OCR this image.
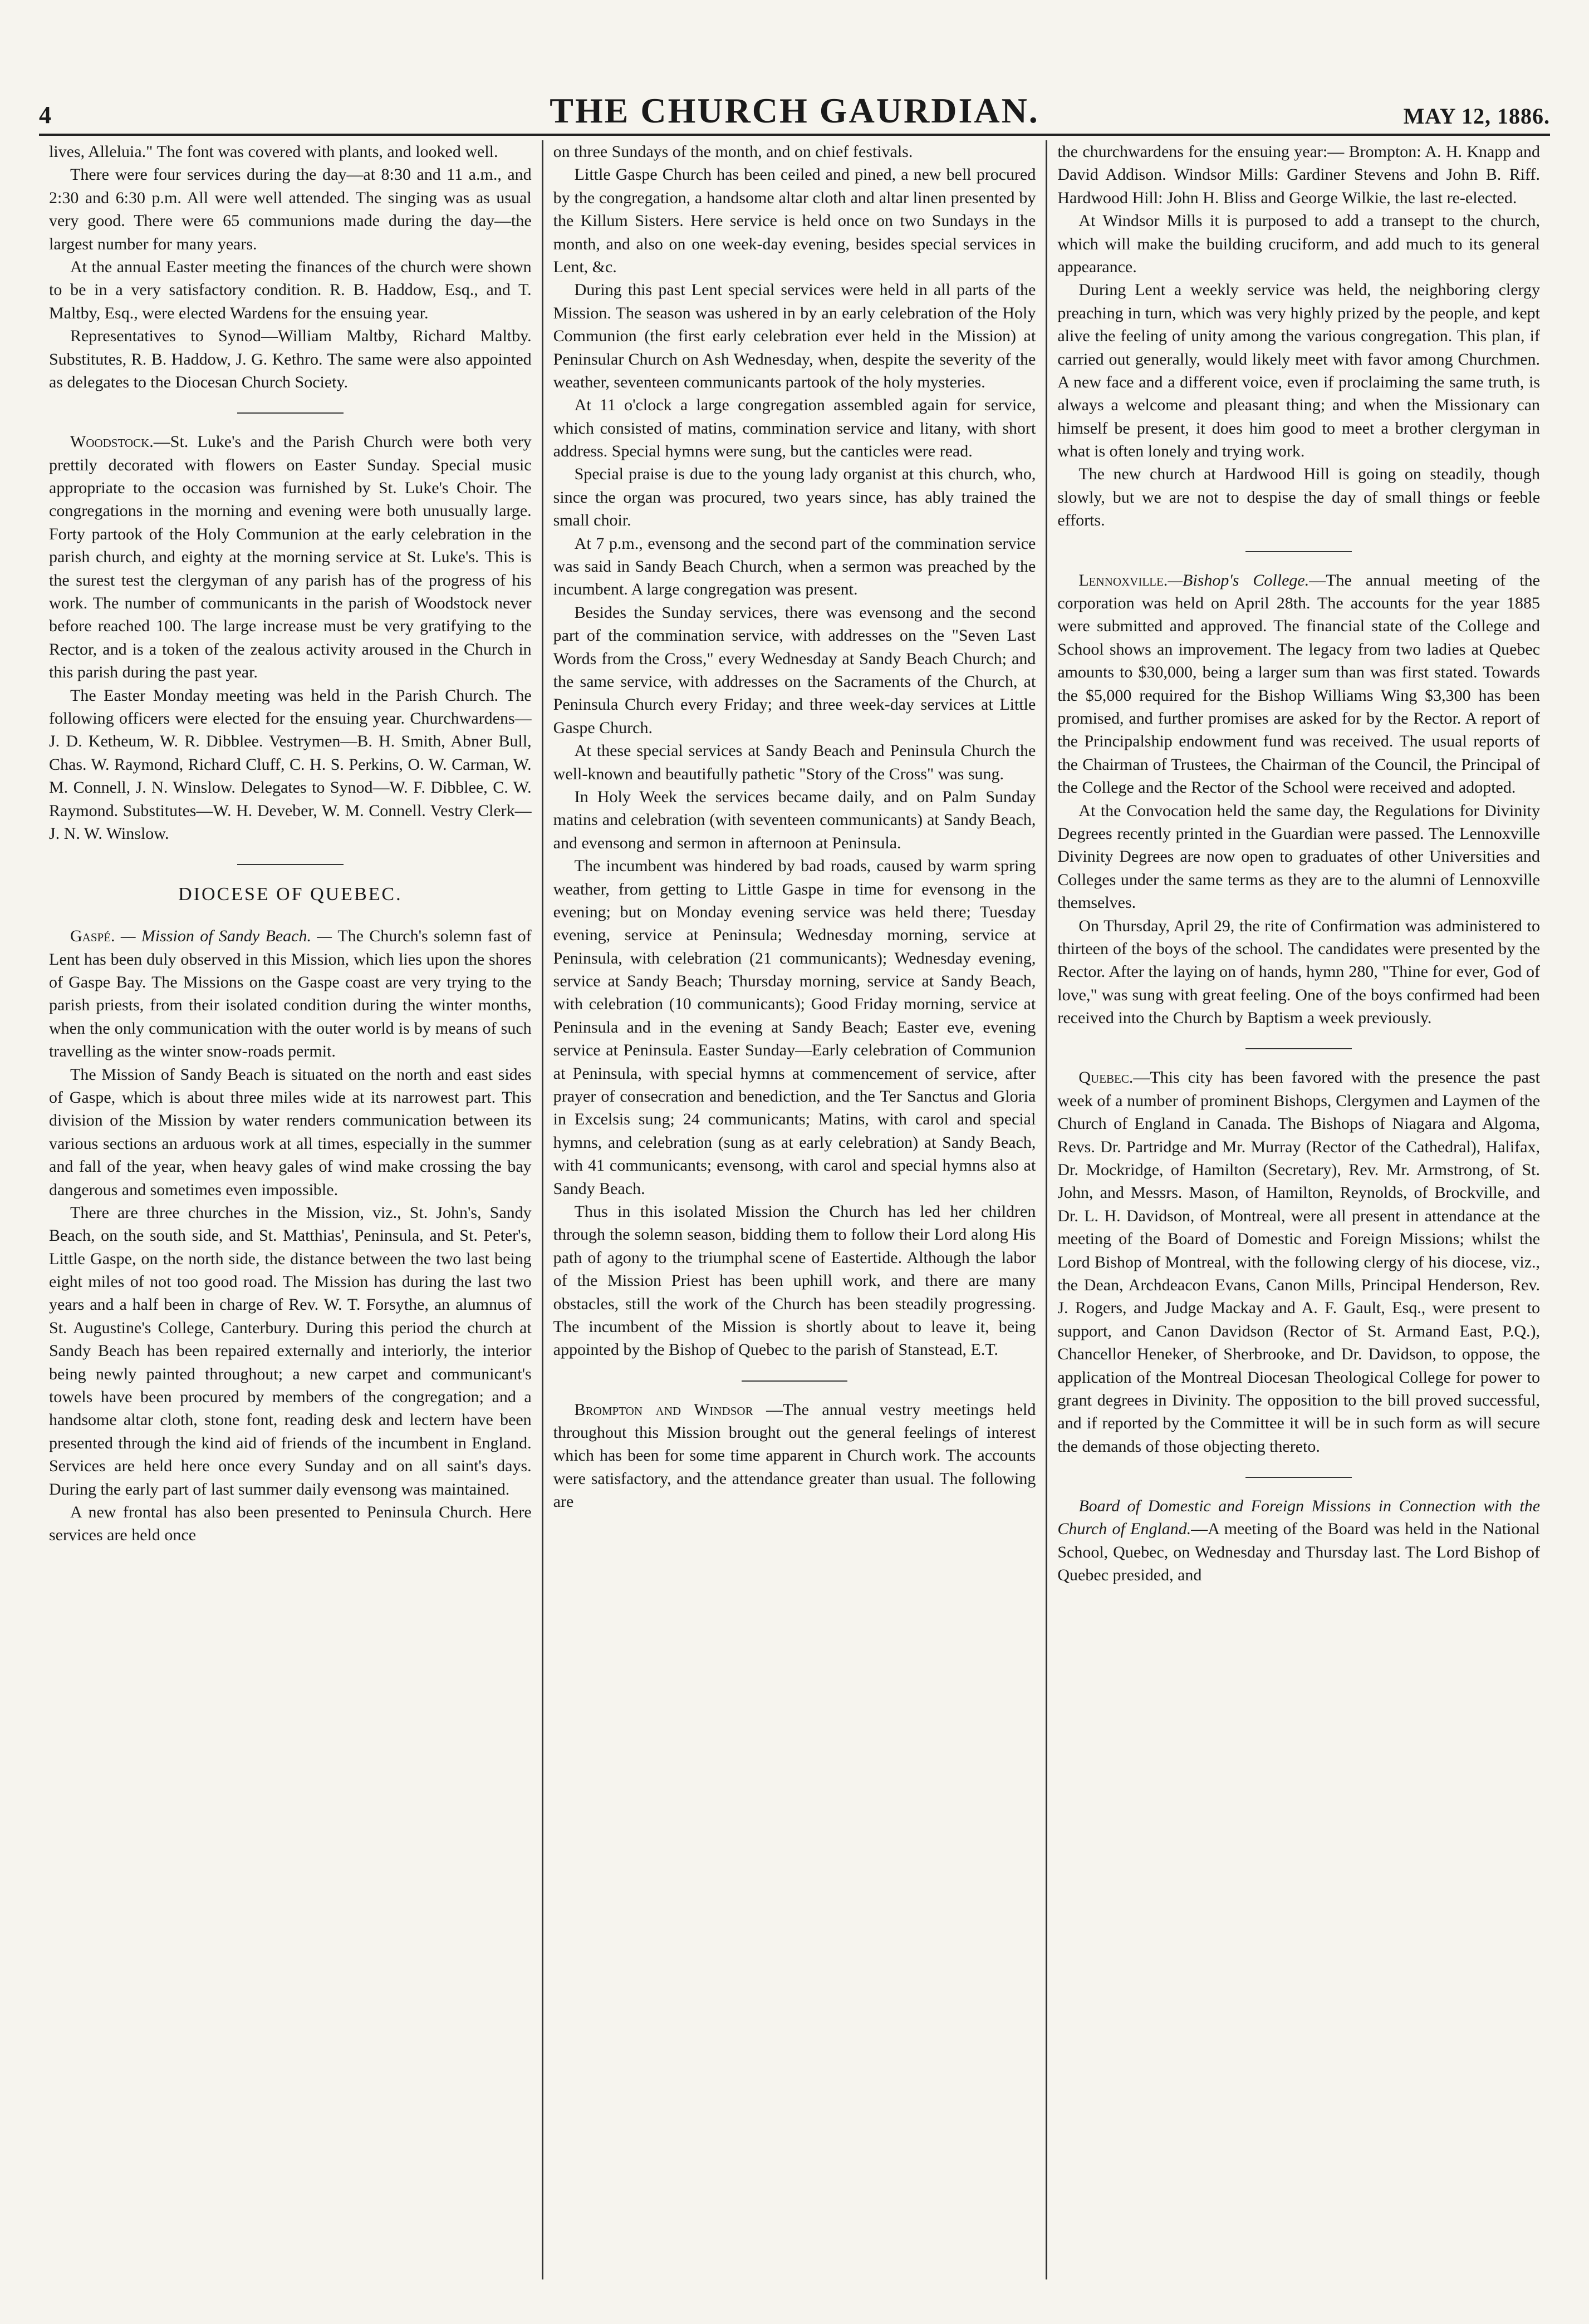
4	THE CHURCH GAURDIAN.	MAY 12, 1886.

lives, Alleluia." The font was covered with plants, and looked well.

There were four services during the day—at 8:30 and 11 a.m., and 2:30 and 6:30 p.m. All were well attended. The singing was as usual very good. There were 65 communions made during the day—the largest number for many years.

At the annual Easter meeting the finances of the church were shown to be in a very satisfactory condition. R. B. Haddow, Esq., and T. Maltby, Esq., were elected Wardens for the ensuing year.

Representatives to Synod—William Maltby, Richard Maltby. Substitutes, R. B. Haddow, J. G. Kethro. The same were also appointed as delegates to the Diocesan Church Society.

Woodstock.—St. Luke's and the Parish Church were both very prettily decorated with flowers on Easter Sunday. Special music appropriate to the occasion was furnished by St. Luke's Choir. The congregations in the morning and evening were both unusually large. Forty partook of the Holy Communion at the early celebration in the parish church, and eighty at the morning service at St. Luke's. This is the surest test the clergyman of any parish has of the progress of his work. The number of communicants in the parish of Woodstock never before reached 100. The large increase must be very gratifying to the Rector, and is a token of the zealous activity aroused in the Church in this parish during the past year.

The Easter Monday meeting was held in the Parish Church. The following officers were elected for the ensuing year. Churchwardens—J. D. Ketheum, W. R. Dibblee. Vestrymen—B. H. Smith, Abner Bull, Chas. W. Raymond, Richard Cluff, C. H. S. Perkins, O. W. Carman, W. M. Connell, J. N. Winslow. Delegates to Synod—W. F. Dibblee, C. W. Raymond. Substitutes—W. H. Deveber, W. M. Connell. Vestry Clerk—J. N. W. Winslow.

DIOCESE OF QUEBEC.

Gaspé. — Mission of Sandy Beach. — The Church's solemn fast of Lent has been duly observed in this Mission, which lies upon the shores of Gaspe Bay. The Missions on the Gaspe coast are very trying to the parish priests, from their isolated condition during the winter months, when the only communication with the outer world is by means of such travelling as the winter snow-roads permit.

The Mission of Sandy Beach is situated on the north and east sides of Gaspe, which is about three miles wide at its narrowest part. This division of the Mission by water renders communication between its various sections an arduous work at all times, especially in the summer and fall of the year, when heavy gales of wind make crossing the bay dangerous and sometimes even impossible.

There are three churches in the Mission, viz., St. John's, Sandy Beach, on the south side, and St. Matthias', Peninsula, and St. Peter's, Little Gaspe, on the north side, the distance between the two last being eight miles of not too good road. The Mission has during the last two years and a half been in charge of Rev. W. T. Forsythe, an alumnus of St. Augustine's College, Canterbury. During this period the church at Sandy Beach has been repaired externally and interiorly, the interior being newly painted throughout; a new carpet and communicant's towels have been procured by members of the congregation; and a handsome altar cloth, stone font, reading desk and lectern have been presented through the kind aid of friends of the incumbent in England. Services are held here once every Sunday and on all saint's days. During the early part of last summer daily evensong was maintained.

A new frontal has also been presented to Peninsula Church. Here services are held once

on three Sundays of the month, and on chief festivals.

Little Gaspe Church has been ceiled and pined, a new bell procured by the congregation, a handsome altar cloth and altar linen presented by the Killum Sisters. Here service is held once on two Sundays in the month, and also on one week-day evening, besides special services in Lent, &c.

During this past Lent special services were held in all parts of the Mission. The season was ushered in by an early celebration of the Holy Communion (the first early celebration ever held in the Mission) at Peninsular Church on Ash Wednesday, when, despite the severity of the weather, seventeen communicants partook of the holy mysteries.

At 11 o'clock a large congregation assembled again for service, which consisted of matins, commination service and litany, with short address. Special hymns were sung, but the canticles were read.

Special praise is due to the young lady organist at this church, who, since the organ was procured, two years since, has ably trained the small choir.

At 7 p.m., evensong and the second part of the commination service was said in Sandy Beach Church, when a sermon was preached by the incumbent. A large congregation was present.

Besides the Sunday services, there was evensong and the second part of the commination service, with addresses on the "Seven Last Words from the Cross," every Wednesday at Sandy Beach Church; and the same service, with addresses on the Sacraments of the Church, at Peninsula Church every Friday; and three week-day services at Little Gaspe Church.

At these special services at Sandy Beach and Peninsula Church the well-known and beautifully pathetic "Story of the Cross" was sung.

In Holy Week the services became daily, and on Palm Sunday matins and celebration (with seventeen communicants) at Sandy Beach, and evensong and sermon in afternoon at Peninsula.

The incumbent was hindered by bad roads, caused by warm spring weather, from getting to Little Gaspe in time for evensong in the evening; but on Monday evening service was held there; Tuesday evening, service at Peninsula; Wednesday morning, service at Peninsula, with celebration (21 communicants); Wednesday evening, service at Sandy Beach; Thursday morning, service at Sandy Beach, with celebration (10 communicants); Good Friday morning, service at Peninsula and in the evening at Sandy Beach; Easter eve, evening service at Peninsula. Easter Sunday—Early celebration of Communion at Peninsula, with special hymns at commencement of service, after prayer of consecration and benediction, and the Ter Sanctus and Gloria in Excelsis sung; 24 communicants; Matins, with carol and special hymns, and celebration (sung as at early celebration) at Sandy Beach, with 41 communicants; evensong, with carol and special hymns also at Sandy Beach.

Thus in this isolated Mission the Church has led her children through the solemn season, bidding them to follow their Lord along His path of agony to the triumphal scene of Eastertide. Although the labor of the Mission Priest has been uphill work, and there are many obstacles, still the work of the Church has been steadily progressing. The incumbent of the Mission is shortly about to leave it, being appointed by the Bishop of Quebec to the parish of Stanstead, E.T.

Brompton and Windsor —The annual vestry meetings held throughout this Mission brought out the general feelings of interest which has been for some time apparent in Church work. The accounts were satisfactory, and the attendance greater than usual. The following are

the churchwardens for the ensuing year:— Brompton: A. H. Knapp and David Addison. Windsor Mills: Gardiner Stevens and John B. Riff. Hardwood Hill: John H. Bliss and George Wilkie, the last re-elected.

At Windsor Mills it is purposed to add a transept to the church, which will make the building cruciform, and add much to its general appearance.

During Lent a weekly service was held, the neighboring clergy preaching in turn, which was very highly prized by the people, and kept alive the feeling of unity among the various congregation. This plan, if carried out generally, would likely meet with favor among Churchmen. A new face and a different voice, even if proclaiming the same truth, is always a welcome and pleasant thing; and when the Missionary can himself be present, it does him good to meet a brother clergyman in what is often lonely and trying work.

The new church at Hardwood Hill is going on steadily, though slowly, but we are not to despise the day of small things or feeble efforts.

Lennoxville.—Bishop's College.—The annual meeting of the corporation was held on April 28th. The accounts for the year 1885 were submitted and approved. The financial state of the College and School shows an improvement. The legacy from two ladies at Quebec amounts to $30,000, being a larger sum than was first stated. Towards the $5,000 required for the Bishop Williams Wing $3,300 has been promised, and further promises are asked for by the Rector. A report of the Principalship endowment fund was received. The usual reports of the Chairman of Trustees, the Chairman of the Council, the Principal of the College and the Rector of the School were received and adopted.

At the Convocation held the same day, the Regulations for Divinity Degrees recently printed in the Guardian were passed. The Lennoxville Divinity Degrees are now open to graduates of other Universities and Colleges under the same terms as they are to the alumni of Lennoxville themselves.

On Thursday, April 29, the rite of Confirmation was administered to thirteen of the boys of the school. The candidates were presented by the Rector. After the laying on of hands, hymn 280, "Thine for ever, God of love," was sung with great feeling. One of the boys confirmed had been received into the Church by Baptism a week previously.

Quebec.—This city has been favored with the presence the past week of a number of prominent Bishops, Clergymen and Laymen of the Church of England in Canada. The Bishops of Niagara and Algoma, Revs. Dr. Partridge and Mr. Murray (Rector of the Cathedral), Halifax, Dr. Mockridge, of Hamilton (Secretary), Rev. Mr. Armstrong, of St. John, and Messrs. Mason, of Hamilton, Reynolds, of Brockville, and Dr. L. H. Davidson, of Montreal, were all present in attendance at the meeting of the Board of Domestic and Foreign Missions; whilst the Lord Bishop of Montreal, with the following clergy of his diocese, viz., the Dean, Archdeacon Evans, Canon Mills, Principal Henderson, Rev. J. Rogers, and Judge Mackay and A. F. Gault, Esq., were present to support, and Canon Davidson (Rector of St. Armand East, P.Q.), Chancellor Heneker, of Sherbrooke, and Dr. Davidson, to oppose, the application of the Montreal Diocesan Theological College for power to grant degrees in Divinity. The opposition to the bill proved successful, and if reported by the Committee it will be in such form as will secure the demands of those objecting thereto.

Board of Domestic and Foreign Missions in Connection with the Church of England.—A meeting of the Board was held in the National School, Quebec, on Wednesday and Thursday last. The Lord Bishop of Quebec presided, and
